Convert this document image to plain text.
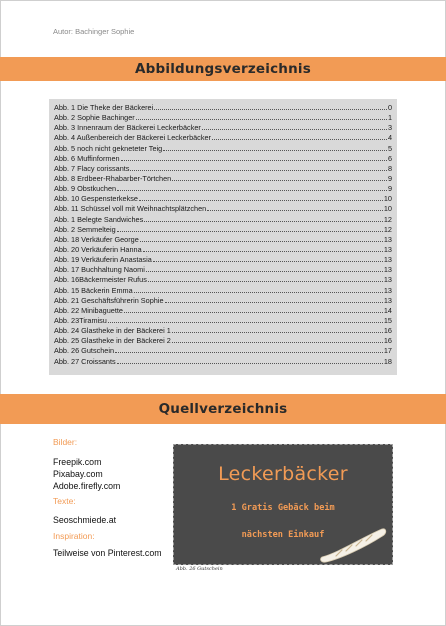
Autor: Bachinger Sophie
Abbildungsverzeichnis
Abb. 1 Die Theke der Bäckerei	0
Abb. 2 Sophie Bachinger	1
Abb. 3 Innenraum der Bäckerei Leckerbäcker	3
Abb. 4 Außenbereich der Bäckerei Leckerbäcker	4
Abb. 5 noch nicht gekneteter Teig	5
Abb. 6 Muffinformen	6
Abb. 7 Flacy corissants	8
Abb. 8 Erdbeer-Rhabarber-Törtchen	9
Abb. 9 Obstkuchen	9
Abb. 10 Gespensterkekse	10
Abb. 11 Schüssel voll mit Weihnachtsplätzchen	10
Abb. 1 Belegte Sandwiches	12
Abb. 2 Semmelteig	12
Abb. 18 Verkäufer George	13
Abb. 20 Verkäuferin Hanna	13
Abb. 19 Verkäuferin Anastasia	13
Abb. 17 Buchhaltung Naomi	13
Abb. 16Bäckermeister Rufus	13
Abb. 15 Bäckerin Emma	13
Abb. 21 Geschäftsführerin Sophie	13
Abb. 22 Minibaguette	14
Abb. 23Tiramisu	15
Abb. 24 Glastheke in der Bäckerei 1	16
Abb. 25 Glastheke in der Bäckerei 2	16
Abb. 26 Gutschein	17
Abb. 27 Croissants	18
Quellverzeichnis

Bilder:

Freepik.com

Pixabay.com

Adobe.firefly.com

Texte:

Seoschmiede.at

Inspiration:

Teilweise von Pinterest.com

Leckerbäcker
1 Gratis Gebäck beim
nächsten Einkauf
Abb. 26 Gutschein
